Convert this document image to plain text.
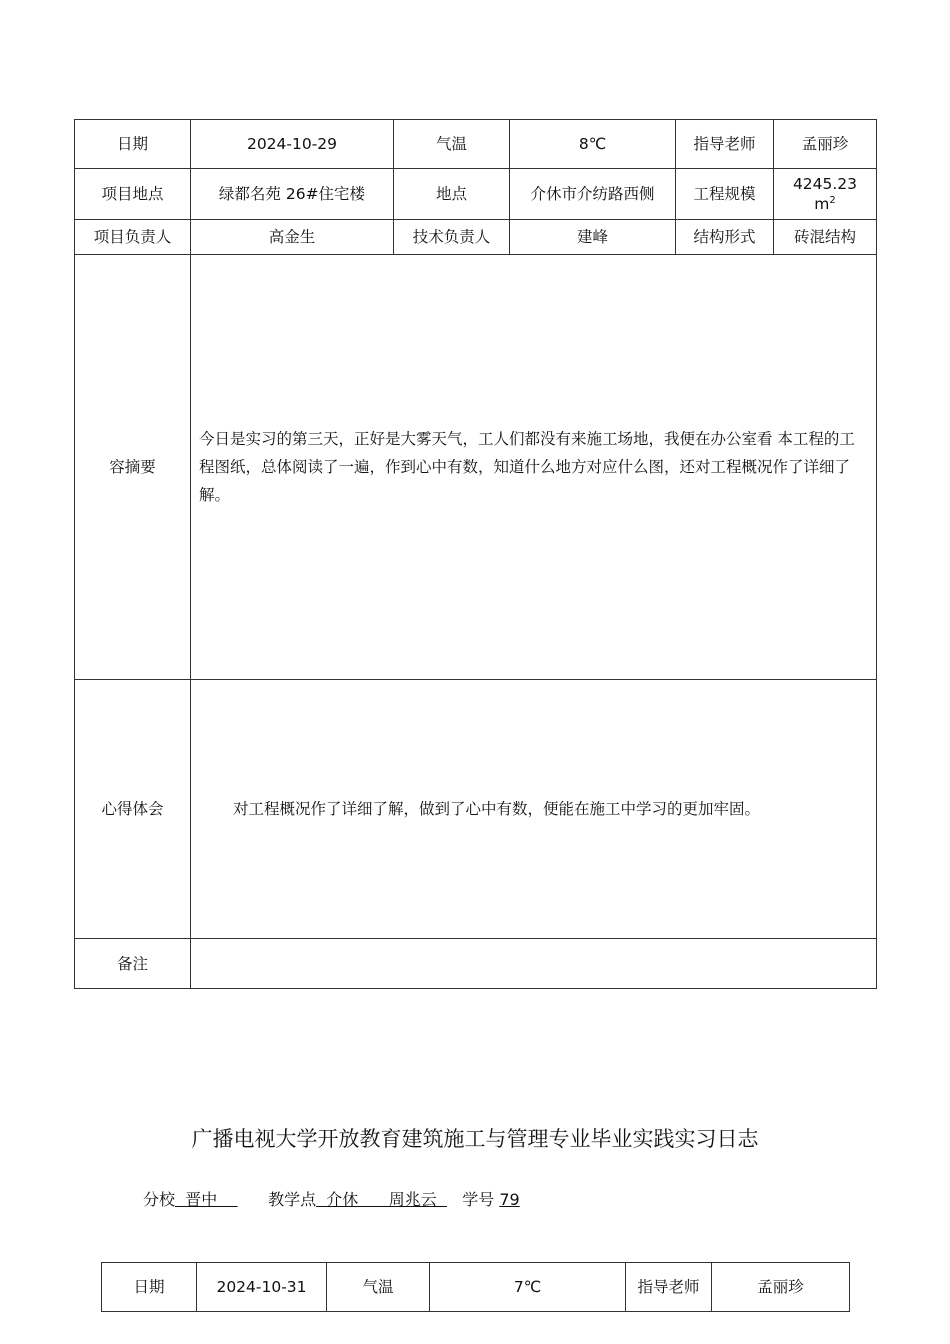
日期	2024-10-29	气温	8℃	指导老师	孟丽珍
项目地点	绿都名苑 26#住宅楼	地点	介休市介纺路西侧	工程规模	4245.23
$m^2$
项目负责人	高金生	技术负责人	建峰	结构形式	砖混结构
容摘要	今日是实习的第三天，正好是大雾天气，工人们都没有来施工场地，我便在办公室看 本工程的工程图纸，总体阅读了一遍，作到心中有数，知道什么地方对应什么图，还对工程概况作了详细了解。				
心得体会	对工程概况作了详细了解，做到了心中有数，便能在施工中学习的更加牢固。				
备注					
广播电视大学开放教育建筑施工与管理专业毕业实践实习日志
分校  晋中          教学点  介休      周兆云     学号 79
日期	2024-10-31	气温	7℃	指导老师	孟丽珍
